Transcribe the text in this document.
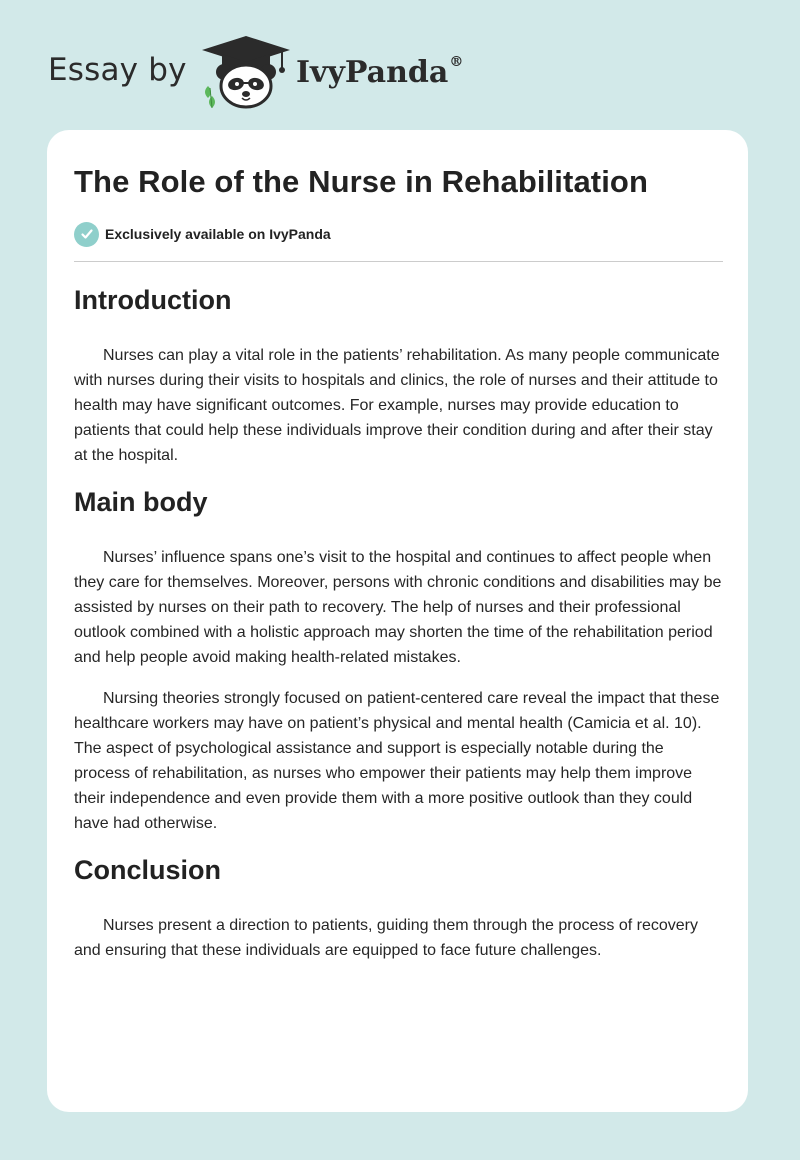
Essay by	IvyPanda®
The Role of the Nurse in Rehabilitation
Exclusively available on IvyPanda
Introduction

Nurses can play a vital role in the patients’ rehabilitation. As many people communicate with nurses during their visits to hospitals and clinics, the role of nurses and their attitude to health may have significant outcomes. For example, nurses may provide education to patients that could help these individuals improve their condition during and after their stay at the hospital.

Main body

Nurses’ influence spans one’s visit to the hospital and continues to affect people when they care for themselves. Moreover, persons with chronic conditions and disabilities may be assisted by nurses on their path to recovery. The help of nurses and their professional outlook combined with a holistic approach may shorten the time of the rehabilitation period and help people avoid making health-related mistakes.

Nursing theories strongly focused on patient-centered care reveal the impact that these healthcare workers may have on patient’s physical and mental health (Camicia et al. 10). The aspect of psychological assistance and support is especially notable during the process of rehabilitation, as nurses who empower their patients may help them improve their independence and even provide them with a more positive outlook than they could have had otherwise.

Conclusion

Nurses present a direction to patients, guiding them through the process of recovery and ensuring that these individuals are equipped to face future challenges.
